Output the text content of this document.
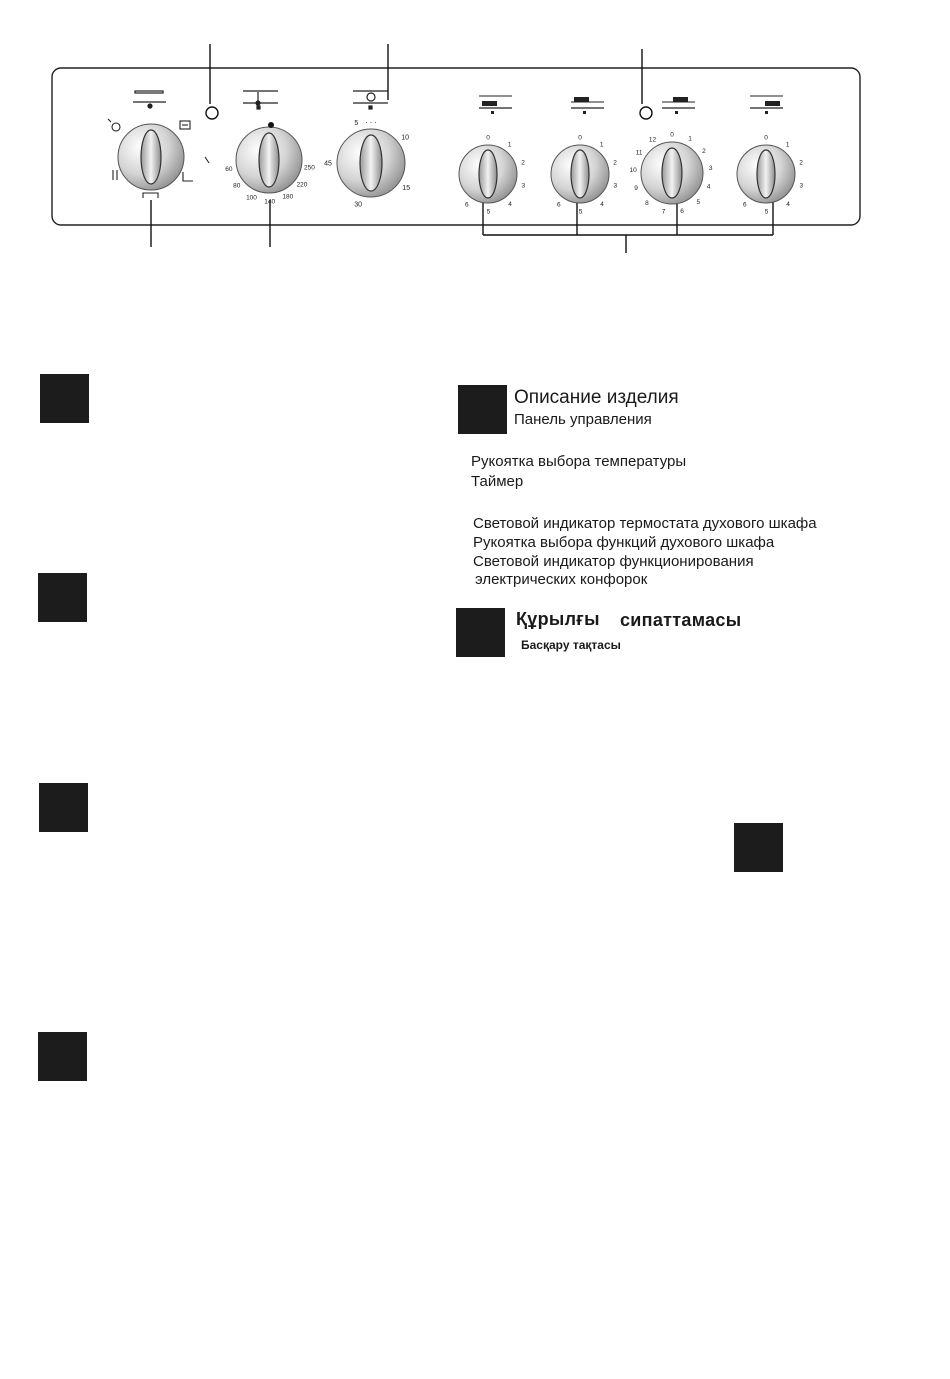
60
80
100
140
180
220
250
5
10
15
30
45
0
1
2
3
4
5
6
0
1
2
3
4
5
6
0
1
2
3
4
5
6
0
1
2
3
4
5
6
7
8
9
10
11
12
. . .
Описание изделия
Панель управления
Рукоятка выбора температуры
Таймер
Световой индикатор термостата духового шкафа
Рукоятка выбора функций духового шкафа
Световой индикатор функционирования
электрических конфорок
Құрылғы сипаттамасы
Басқару тақтасы
